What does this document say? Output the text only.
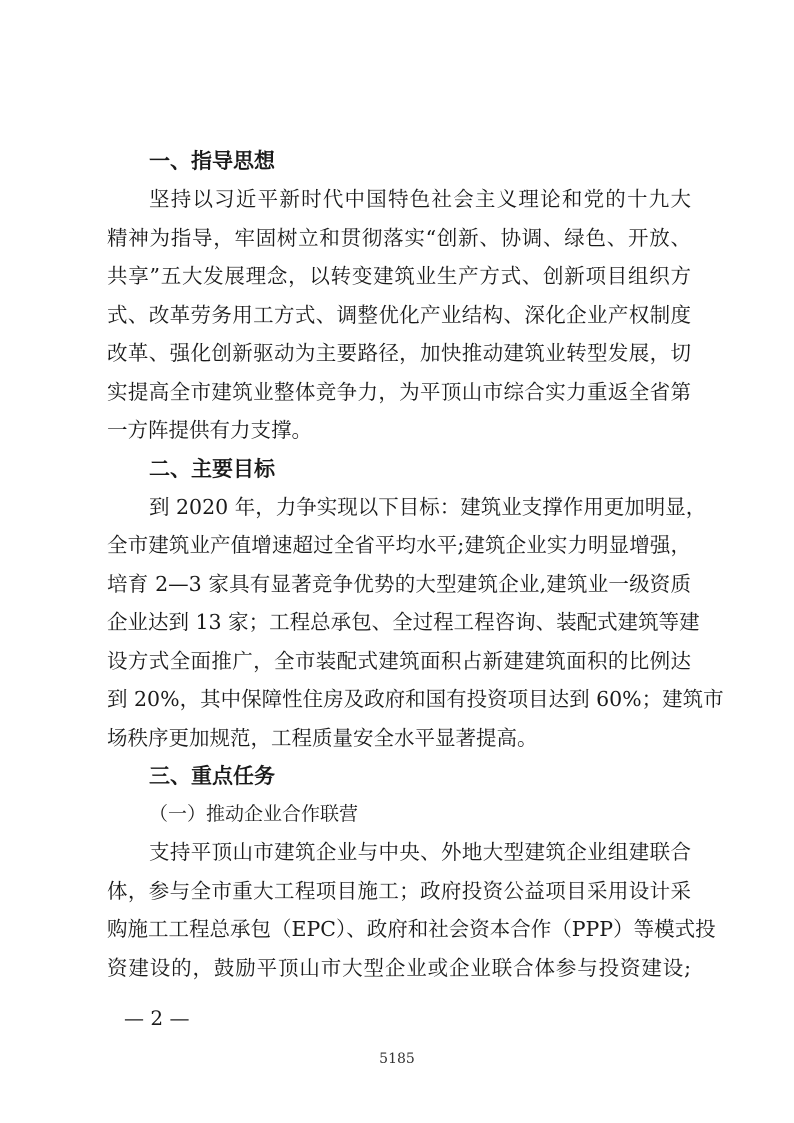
一、指导思想
坚持以习近平新时代中国特色社会主义理论和党的十九大
精神为指导，牢固树立和贯彻落实“创新、协调、绿色、开放、
共享”五大发展理念，以转变建筑业生产方式、创新项目组织方
式、改革劳务用工方式、调整优化产业结构、深化企业产权制度
改革、强化创新驱动为主要路径，加快推动建筑业转型发展，切
实提高全市建筑业整体竞争力，为平顶山市综合实力重返全省第
一方阵提供有力支撑。
二、主要目标
到 2020 年，力争实现以下目标：建筑业支撑作用更加明显，
全市建筑业产值增速超过全省平均水平;建筑企业实力明显增强，
培育 2—3 家具有显著竞争优势的大型建筑企业,建筑业一级资质
企业达到 13 家；工程总承包、全过程工程咨询、装配式建筑等建
设方式全面推广，全市装配式建筑面积占新建建筑面积的比例达
到 20%，其中保障性住房及政府和国有投资项目达到 60%；建筑市
场秩序更加规范，工程质量安全水平显著提高。
三、重点任务
（一）推动企业合作联营
支持平顶山市建筑企业与中央、外地大型建筑企业组建联合
体，参与全市重大工程项目施工；政府投资公益项目采用设计采
购施工工程总承包（EPC）、政府和社会资本合作（PPP）等模式投
资建设的，鼓励平顶山市大型企业或企业联合体参与投资建设;
— 2 —
5185
